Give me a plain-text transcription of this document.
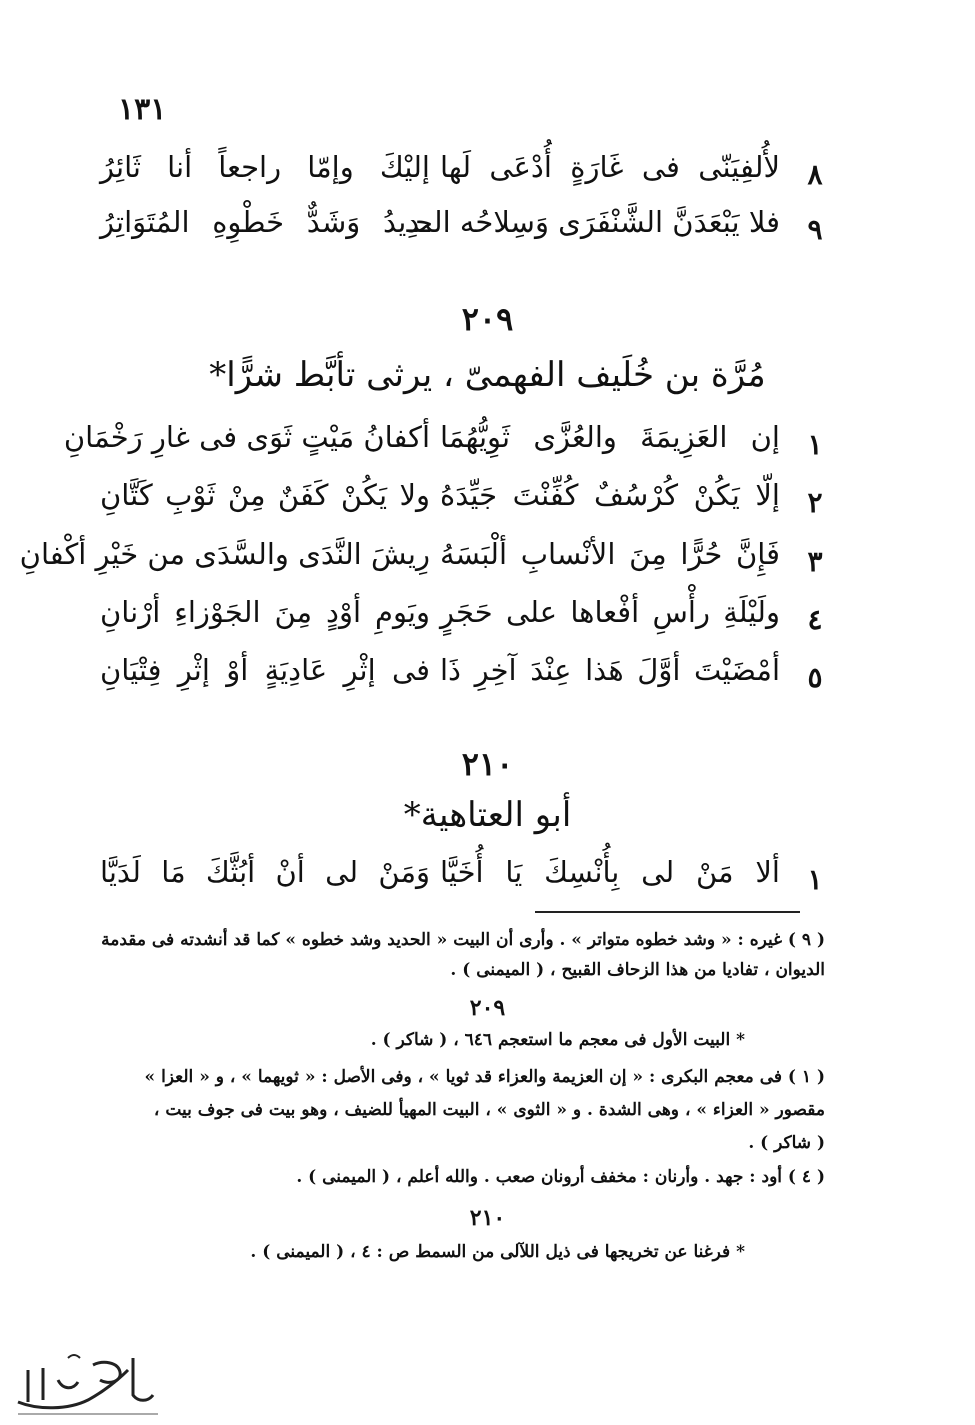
١٣١
٨
لأُلفِيَنّى فى غَارَةٍ أُدْعَى لَها
إليْكَ وإمّا راجعاً أنا ثَائِرُ
٩
فلا يَبْعَدَنَّ الشَّنْفَرَى وَسِلاحُه الحـ
ـدِيدُ وَشَدٌّ خَطْوِهِ المُتَوَاتِرُ
٢٠٩
مُرَّة بن خُلَيف الفهمىّ ، يرثى تأبَّط شرًّا*
١
إن العَزِيمَةَ والعُزَّى ثَوِيُّهُمَا
أكفانُ مَيْتٍ ثَوَى فى غارِ رَخْمَانِ
٢
إلّا يَكُنْ كُرْسُفٌ كُفِّنْتَ جَيِّدَهُ
ولا يَكُنْ كَفَنٌ مِنْ ثَوْبِ كَتَّانِ
٣
فَإِنَّ حُرًّا مِنَ الأنْسابِ ألْبَسَهُ
رِيشَ النَّدَى والسَّدَى من خَيْرِ أكْفانِ
٤
ولَيْلَةِ رأْسِ أفْعاها على حَجَرٍ
ويَومِ أوْدٍ مِنَ الجَوْزاءِ أرْنانِ
٥
أمْضَيْتَ أوَّلَ هَذا عِنْدَ آخِرِ ذَا
فى إثْرِ عَادِيَةٍ أوْ إثْرِ فِتْيَانِ
٢١٠
أبو العتاهية*
١
ألا مَنْ لى بِأُنْسِكَ يَا أُخَيَّا
وَمَنْ لى أنْ أبُثَّكَ مَا لَدَيَّا
( ٩ ) غيره : « وشد خطوه متواتر » . وأرى أن البيت « الحديد وشد خطوه » كما قد أنشدته فى مقدمة
الديوان ، تفاديا من هذا الزحاف القبيح ، ( الميمنى ) .
٢٠٩
* البيت الأول فى معجم ما استعجم ٦٤٦ ، ( شاكر ) .
( ١ ) فى معجم البكرى : « إن العزيمة والعزاء قد ثويا » ، وفى الأصل : « ثويهما » ، و « العزا »
مقصور « العزاء » ، وهى الشدة . و « الثوى » ، البيت المهيأ للضيف ، وهو بيت فى جوف بيت ،
( شاكر ) .
( ٤ ) أود : جهد . وأرنان : مخفف أرونان صعب . والله أعلم ، ( الميمنى ) .
٢١٠
* فرغنا عن تخريجها فى ذيل اللآلى من السمط ص : ٤ ، ( الميمنى ) .
